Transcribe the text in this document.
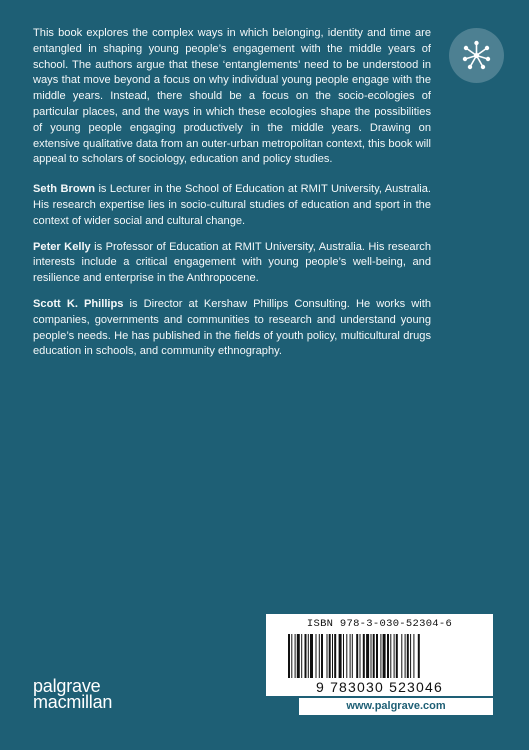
This book explores the complex ways in which belonging, identity and time are entangled in shaping young people’s engagement with the middle years of school. The authors argue that these ‘entanglements’ need to be understood in ways that move beyond a focus on why individual young people engage with the middle years. Instead, there should be a focus on the socio-ecologies of particular places, and the ways in which these ecologies shape the possibilities of young people engaging productively in the middle years. Drawing on extensive qualitative data from an outer-urban metropolitan context, this book will appeal to scholars of sociology, education and policy studies.

Seth Brown is Lecturer in the School of Education at RMIT University, Australia. His research expertise lies in socio-cultural studies of education and sport in the context of wider social and cultural change.

Peter Kelly is Professor of Education at RMIT University, Australia. His research interests include a critical engagement with young people’s well-being, and resilience and enterprise in the Anthropocene.

Scott K. Phillips is Director at Kershaw Phillips Consulting. He works with companies, governments and communities to research and understand young people’s needs. He has published in the fields of youth policy, multicultural drugs education in schools, and community ethnography.

palgrave
macmillan
ISBN 978-3-030-52304-6
9 783030 523046
www.palgrave.com
